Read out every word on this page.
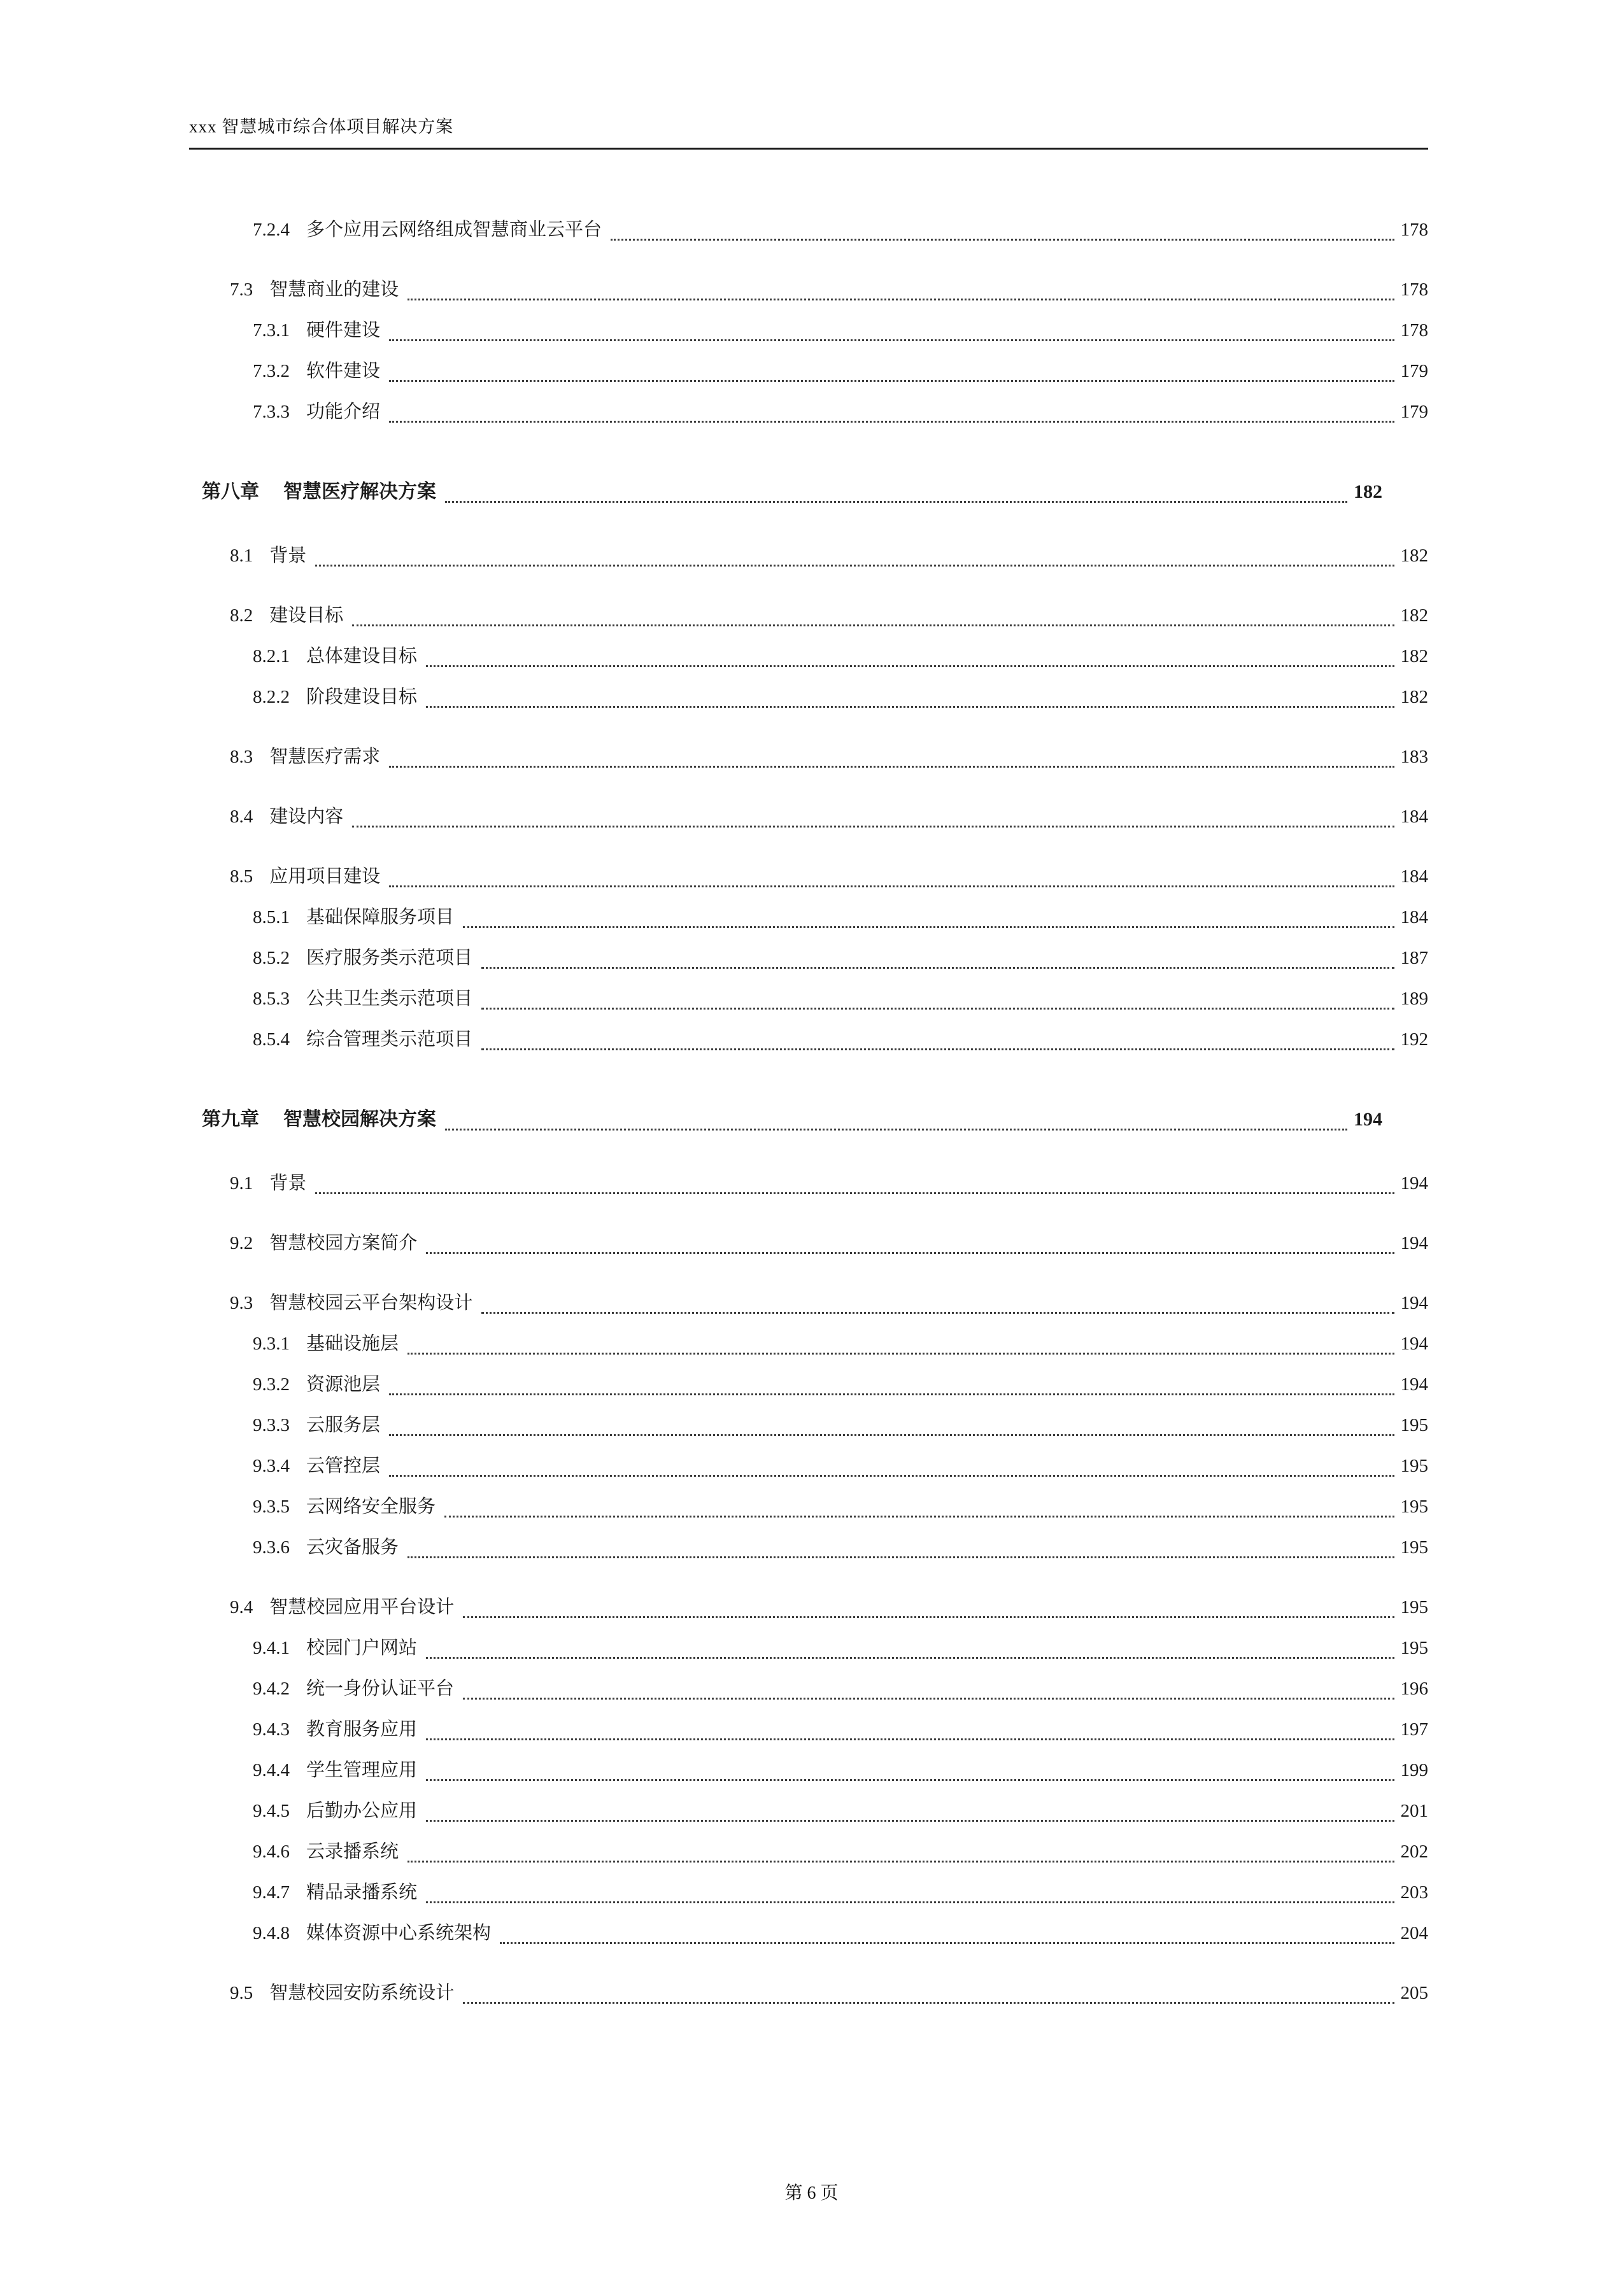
xxx 智慧城市综合体项目解决方案
7.2.4 多个应用云网络组成智慧商业云平台	178
7.3 智慧商业的建设	178
7.3.1 硬件建设	178
7.3.2 软件建设	179
7.3.3 功能介绍	179
第八章 智慧医疗解决方案	182
8.1 背景	182
8.2 建设目标	182
8.2.1 总体建设目标	182
8.2.2 阶段建设目标	182
8.3 智慧医疗需求	183
8.4 建设内容	184
8.5 应用项目建设	184
8.5.1 基础保障服务项目	184
8.5.2 医疗服务类示范项目	187
8.5.3 公共卫生类示范项目	189
8.5.4 综合管理类示范项目	192
第九章 智慧校园解决方案	194
9.1 背景	194
9.2 智慧校园方案简介	194
9.3 智慧校园云平台架构设计	194
9.3.1 基础设施层	194
9.3.2 资源池层	194
9.3.3 云服务层	195
9.3.4 云管控层	195
9.3.5 云网络安全服务	195
9.3.6 云灾备服务	195
9.4 智慧校园应用平台设计	195
9.4.1 校园门户网站	195
9.4.2 统一身份认证平台	196
9.4.3 教育服务应用	197
9.4.4 学生管理应用	199
9.4.5 后勤办公应用	201
9.4.6 云录播系统	202
9.4.7 精品录播系统	203
9.4.8 媒体资源中心系统架构	204
9.5 智慧校园安防系统设计	205
第 6 页
